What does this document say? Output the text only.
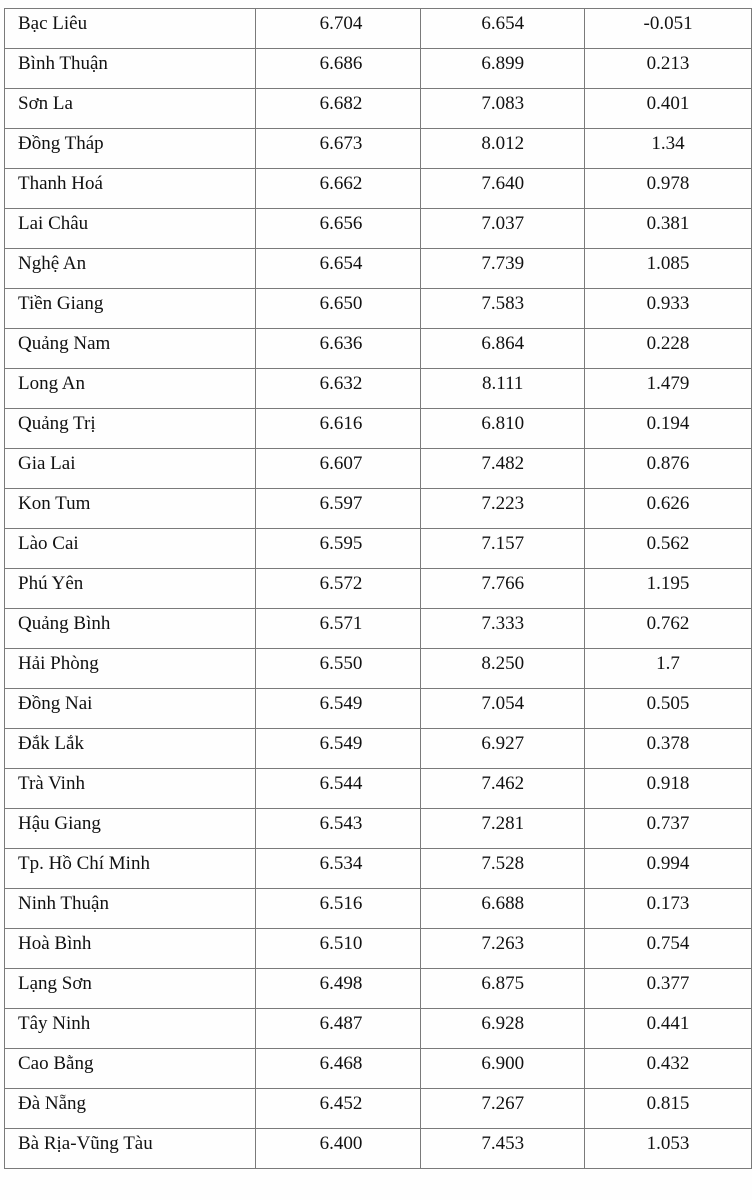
Bạc Liêu	6.704	6.654	-0.051
Bình Thuận	6.686	6.899	0.213
Sơn La	6.682	7.083	0.401
Đồng Tháp	6.673	8.012	1.34
Thanh Hoá	6.662	7.640	0.978
Lai Châu	6.656	7.037	0.381
Nghệ An	6.654	7.739	1.085
Tiền Giang	6.650	7.583	0.933
Quảng Nam	6.636	6.864	0.228
Long An	6.632	8.111	1.479
Quảng Trị	6.616	6.810	0.194
Gia Lai	6.607	7.482	0.876
Kon Tum	6.597	7.223	0.626
Lào Cai	6.595	7.157	0.562
Phú Yên	6.572	7.766	1.195
Quảng Bình	6.571	7.333	0.762
Hải Phòng	6.550	8.250	1.7
Đồng Nai	6.549	7.054	0.505
Đắk Lắk	6.549	6.927	0.378
Trà Vinh	6.544	7.462	0.918
Hậu Giang	6.543	7.281	0.737
Tp. Hồ Chí Minh	6.534	7.528	0.994
Ninh Thuận	6.516	6.688	0.173
Hoà Bình	6.510	7.263	0.754
Lạng Sơn	6.498	6.875	0.377
Tây Ninh	6.487	6.928	0.441
Cao Bằng	6.468	6.900	0.432
Đà Nẵng	6.452	7.267	0.815
Bà Rịa-Vũng Tàu	6.400	7.453	1.053
